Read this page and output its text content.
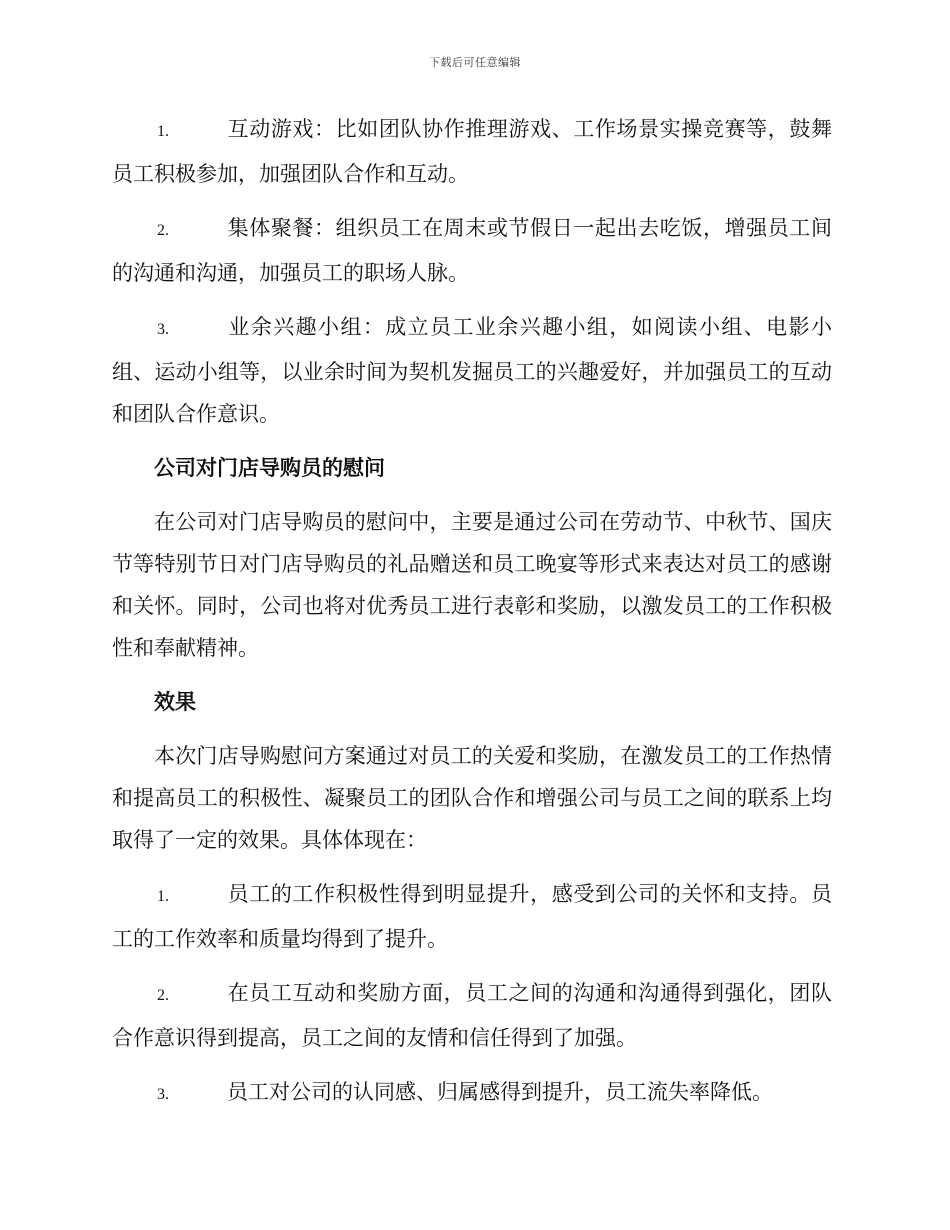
下载后可任意编辑
1.	互动游戏：比如团队协作推理游戏、工作场景实操竞赛等，鼓舞员工积极参加，加强团队合作和互动。
2.	集体聚餐：组织员工在周末或节假日一起出去吃饭，增强员工间的沟通和沟通，加强员工的职场人脉。
3.	业余兴趣小组：成立员工业余兴趣小组，如阅读小组、电影小组、运动小组等，以业余时间为契机发掘员工的兴趣爱好，并加强员工的互动和团队合作意识。
公司对门店导购员的慰问

在公司对门店导购员的慰问中，主要是通过公司在劳动节、中秋节、国庆节等特别节日对门店导购员的礼品赠送和员工晚宴等形式来表达对员工的感谢和关怀。同时，公司也将对优秀员工进行表彰和奖励，以激发员工的工作积极性和奉献精神。

效果

本次门店导购慰问方案通过对员工的关爱和奖励，在激发员工的工作热情和提高员工的积极性、凝聚员工的团队合作和增强公司与员工之间的联系上均取得了一定的效果。具体体现在：

1.	员工的工作积极性得到明显提升，感受到公司的关怀和支持。员工的工作效率和质量均得到了提升。
2.	在员工互动和奖励方面，员工之间的沟通和沟通得到强化，团队合作意识得到提高，员工之间的友情和信任得到了加强。
3.	员工对公司的认同感、归属感得到提升，员工流失率降低。
